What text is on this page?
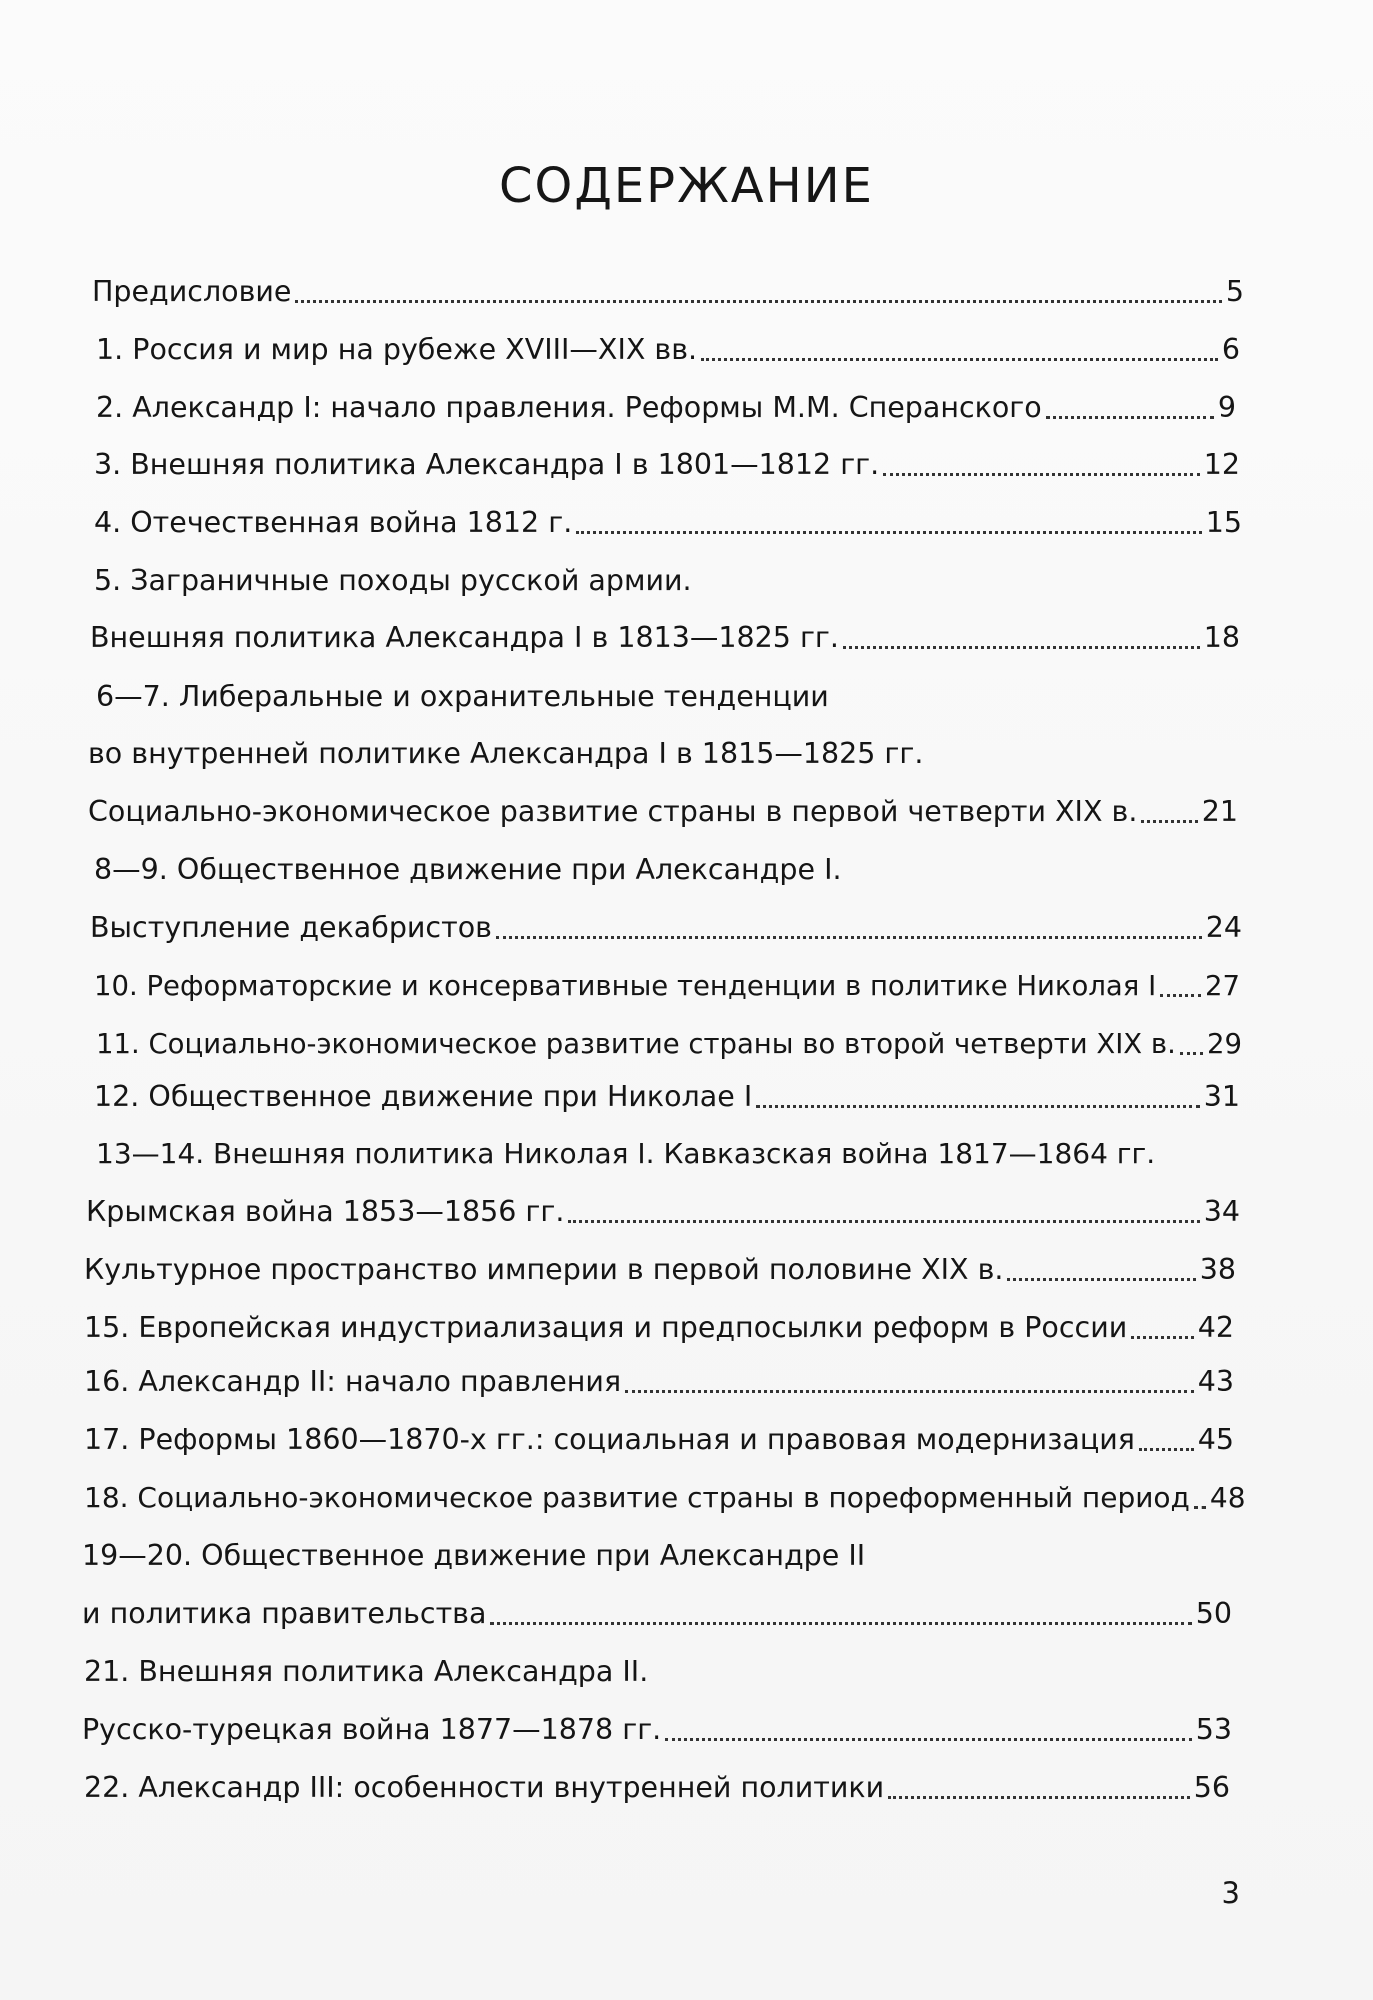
СОДЕРЖАНИЕ
Предисловие	5
1. Россия и мир на рубеже XVIII—XIX вв.	6
2. Александр I: начало правления. Реформы М.М. Сперанского	9
3. Внешняя политика Александра I в 1801—1812 гг.	12
4. Отечественная война 1812 г.	15
5. Заграничные походы русской армии.
Внешняя политика Александра I в 1813—1825 гг.	18
6—7. Либеральные и охранительные тенденции
во внутренней политике Александра I в 1815—1825 гг.
Социально-экономическое развитие страны в первой четверти XIX в. 21
8—9. Общественное движение при Александре I.
Выступление декабристов	24
10. Реформаторские и консервативные тенденции в политике Николая I 27
11. Социально-экономическое развитие страны во второй четверти XIX в. 29
12. Общественное движение при Николае I	31
13—14. Внешняя политика Николая I. Кавказская война 1817—1864 гг.
Крымская война 1853—1856 гг.	34
Культурное пространство империи в первой половине XIX в.	38
15. Европейская индустриализация и предпосылки реформ в России 42
16. Александр II: начало правления	43
17. Реформы 1860—1870-х гг.: социальная и правовая модернизация 45
18. Социально-экономическое развитие страны в пореформенный период 48
19—20. Общественное движение при Александре II
и политика правительства	50
21. Внешняя политика Александра II.
Русско-турецкая война 1877—1878 гг.	53
22. Александр III: особенности внутренней политики	56
3
